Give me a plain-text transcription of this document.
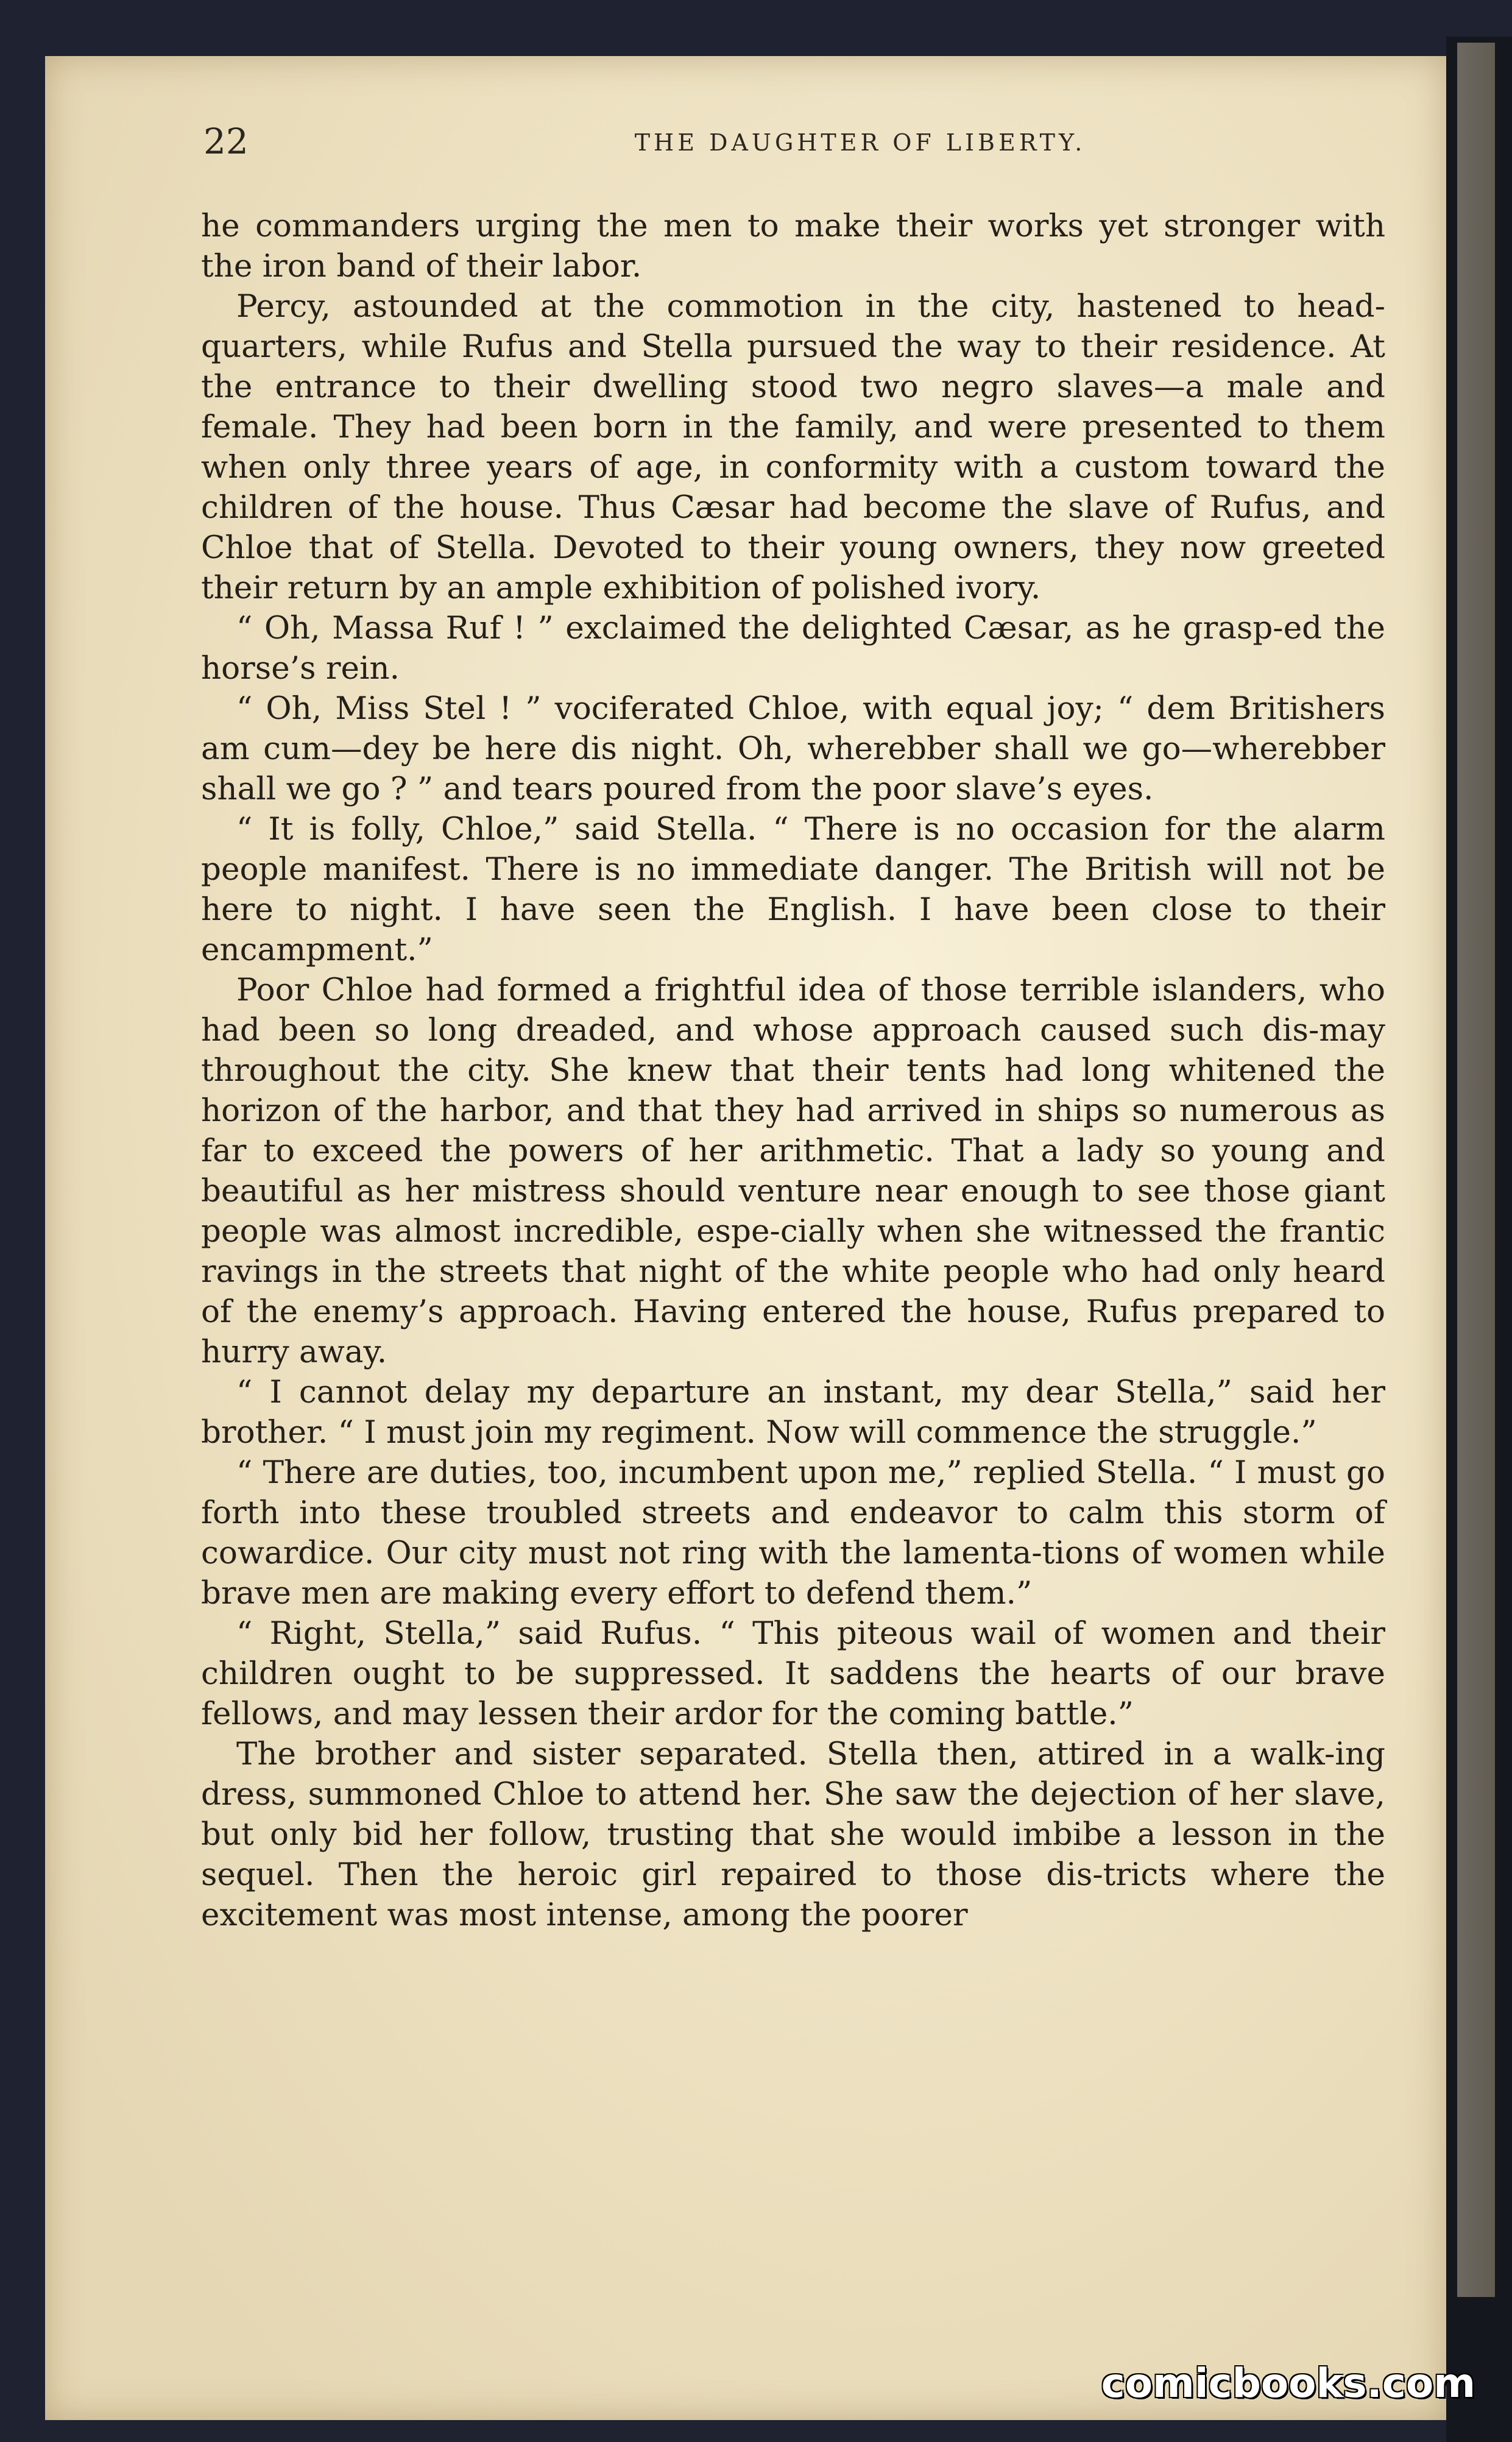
22	THE DAUGHTER OF LIBERTY.

he commanders urging the men to make their works yet stronger with the iron band of their labor.

Percy, astounded at the commotion in the city, hastened to head-quarters, while Rufus and Stella pursued the way to their residence. At the entrance to their dwelling stood two negro slaves—a male and female. They had been born in the family, and were presented to them when only three years of age, in conformity with a custom toward the children of the house. Thus Cæsar had become the slave of Rufus, and Chloe that of Stella. Devoted to their young owners, they now greeted their return by an ample exhibition of polished ivory.

“ Oh, Massa Ruf ! ” exclaimed the delighted Cæsar, as he grasp-ed the horse’s rein.

“ Oh, Miss Stel ! ” vociferated Chloe, with equal joy; “ dem Britishers am cum—dey be here dis night. Oh, wherebber shall we go—wherebber shall we go ? ” and tears poured from the poor slave’s eyes.

“ It is folly, Chloe,” said Stella. “ There is no occasion for the alarm people manifest. There is no immediate danger. The British will not be here to night. I have seen the English. I have been close to their encampment.”

Poor Chloe had formed a frightful idea of those terrible islanders, who had been so long dreaded, and whose approach caused such dis-may throughout the city. She knew that their tents had long whitened the horizon of the harbor, and that they had arrived in ships so numerous as far to exceed the powers of her arithmetic. That a lady so young and beautiful as her mistress should venture near enough to see those giant people was almost incredible, espe-cially when she witnessed the frantic ravings in the streets that night of the white people who had only heard of the enemy’s approach. Having entered the house, Rufus prepared to hurry away.

“ I cannot delay my departure an instant, my dear Stella,” said her brother. “ I must join my regiment. Now will commence the struggle.”

“ There are duties, too, incumbent upon me,” replied Stella. “ I must go forth into these troubled streets and endeavor to calm this storm of cowardice. Our city must not ring with the lamenta-tions of women while brave men are making every effort to defend them.”

“ Right, Stella,” said Rufus. “ This piteous wail of women and their children ought to be suppressed. It saddens the hearts of our brave fellows, and may lessen their ardor for the coming battle.”

The brother and sister separated. Stella then, attired in a walk-ing dress, summoned Chloe to attend her. She saw the dejection of her slave, but only bid her follow, trusting that she would imbibe a lesson in the sequel. Then the heroic girl repaired to those dis-tricts where the excitement was most intense, among the poorer

comicbooks.com
